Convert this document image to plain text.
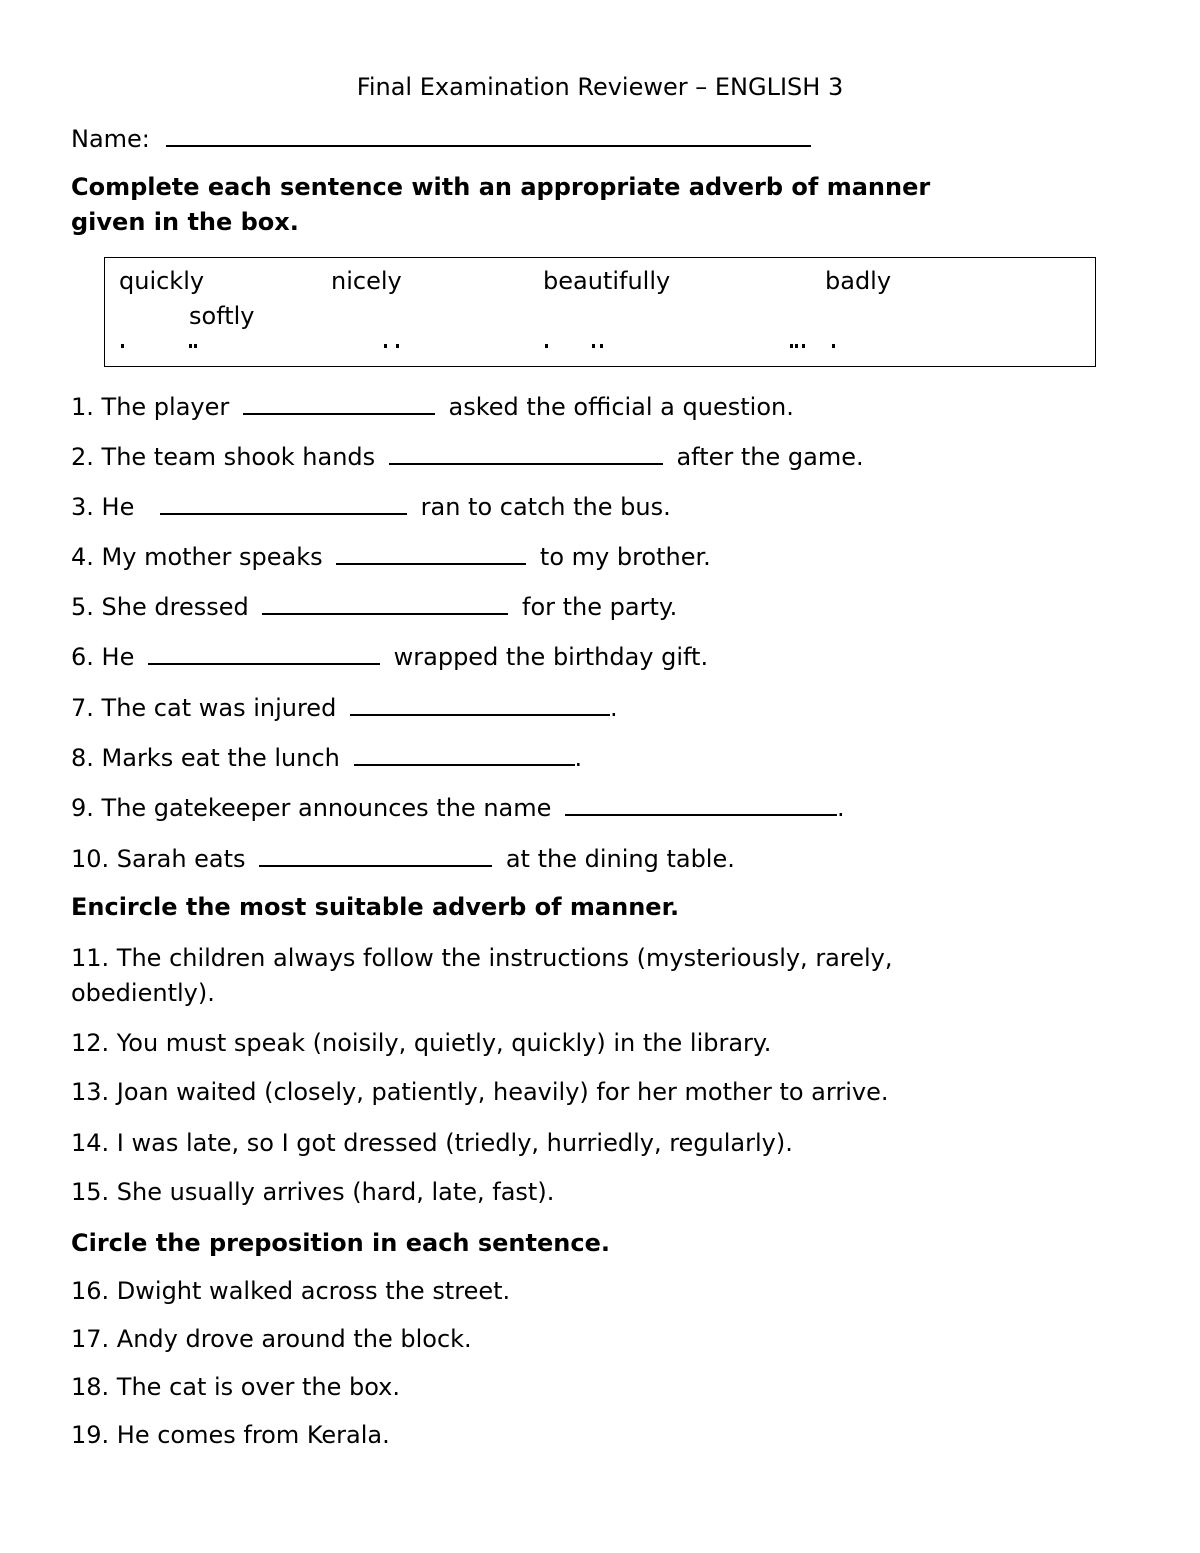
Final Examination Reviewer – ENGLISH 3
Name:
Complete each sentence with an appropriate adverb of manner
given in the box.
quickly	nicely	beautifully	badly
softly
1. The player	asked the official a question.
2. The team shook hands	after the game.
3. He	ran to catch the bus.
4. My mother speaks	to my brother.
5. She dressed	for the party.
6. He	wrapped the birthday gift.
7. The cat was injured	.
8. Marks eat the lunch	.
9. The gatekeeper announces the name	.
10. Sarah eats	at the dining table.
Encircle the most suitable adverb of manner.
11. The children always follow the instructions (mysteriously, rarely,
obediently).
12. You must speak (noisily, quietly, quickly) in the library.
13. Joan waited (closely, patiently, heavily) for her mother to arrive.
14. I was late, so I got dressed (triedly, hurriedly, regularly).
15. She usually arrives (hard, late, fast).
Circle the preposition in each sentence.
16. Dwight walked across the street.
17. Andy drove around the block.
18. The cat is over the box.
19. He comes from Kerala.
